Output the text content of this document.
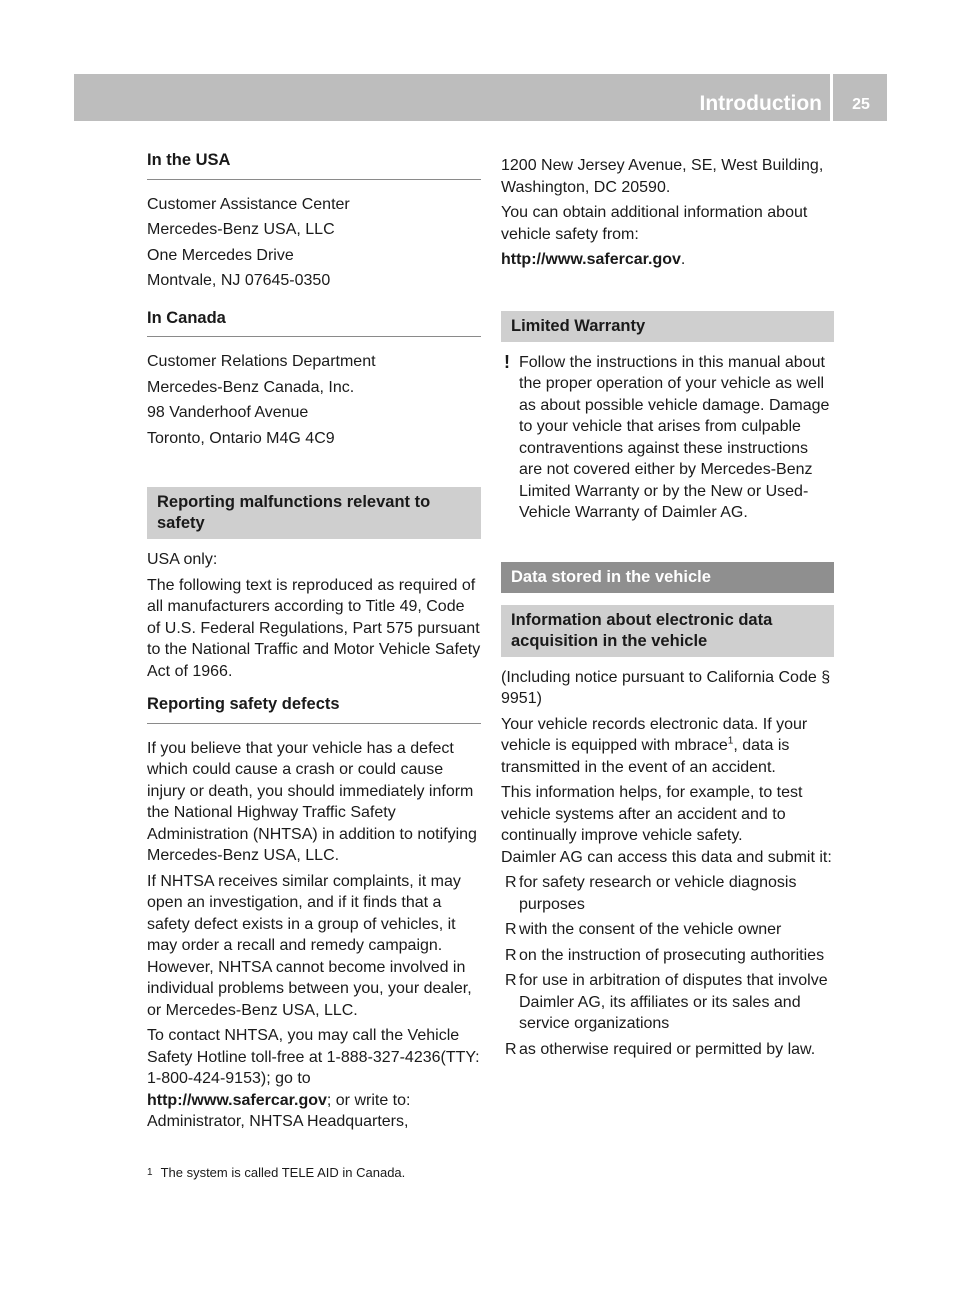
Introduction	25
In the USA

Customer Assistance Center

Mercedes-Benz USA, LLC

One Mercedes Drive

Montvale, NJ 07645-0350

In Canada

Customer Relations Department

Mercedes-Benz Canada, Inc.

98 Vanderhoof Avenue

Toronto, Ontario M4G 4C9

Reporting malfunctions relevant to safety

USA only:

The following text is reproduced as required of all manufacturers according to Title 49, Code of U.S. Federal Regulations, Part 575 pursuant to the National Traffic and Motor Vehicle Safety Act of 1966.

Reporting safety defects

If you believe that your vehicle has a defect which could cause a crash or could cause injury or death, you should immediately inform the National Highway Traffic Safety Administration (NHTSA) in addition to notifying Mercedes-Benz USA, LLC.

If NHTSA receives similar complaints, it may open an investigation, and if it finds that a safety defect exists in a group of vehicles, it may order a recall and remedy campaign. However, NHTSA cannot become involved in individual problems between you, your dealer, or Mercedes-Benz USA, LLC.

To contact NHTSA, you may call the Vehicle Safety Hotline toll-free at 1-888-327-4236(TTY: 1-800-424-9153); go to http://www.safercar.gov; or write to: Administrator, NHTSA Headquarters,

1200 New Jersey Avenue, SE, West Building, Washington, DC 20590.

You can obtain additional information about vehicle safety from:

http://www.safercar.gov.

Limited Warranty
! Follow the instructions in this manual about the proper operation of your vehicle as well as about possible vehicle damage. Damage to your vehicle that arises from culpable contraventions against these instructions are not covered either by Mercedes-Benz Limited Warranty or by the New or Used-Vehicle Warranty of Daimler AG.
Data stored in the vehicle
Information about electronic data acquisition in the vehicle

(Including notice pursuant to California Code § 9951)

Your vehicle records electronic data. If your vehicle is equipped with mbrace$^1$, data is transmitted in the event of an accident.

This information helps, for example, to test vehicle systems after an accident and to continually improve vehicle safety.

Daimler AG can access this data and submit it:

R for safety research or vehicle diagnosis purposes
R with the consent of the vehicle owner
R on the instruction of prosecuting authorities
R for use in arbitration of disputes that involve Daimler AG, its affiliates or its sales and service organizations
R as otherwise required or permitted by law.
$^1$ The system is called TELE AID in Canada.
